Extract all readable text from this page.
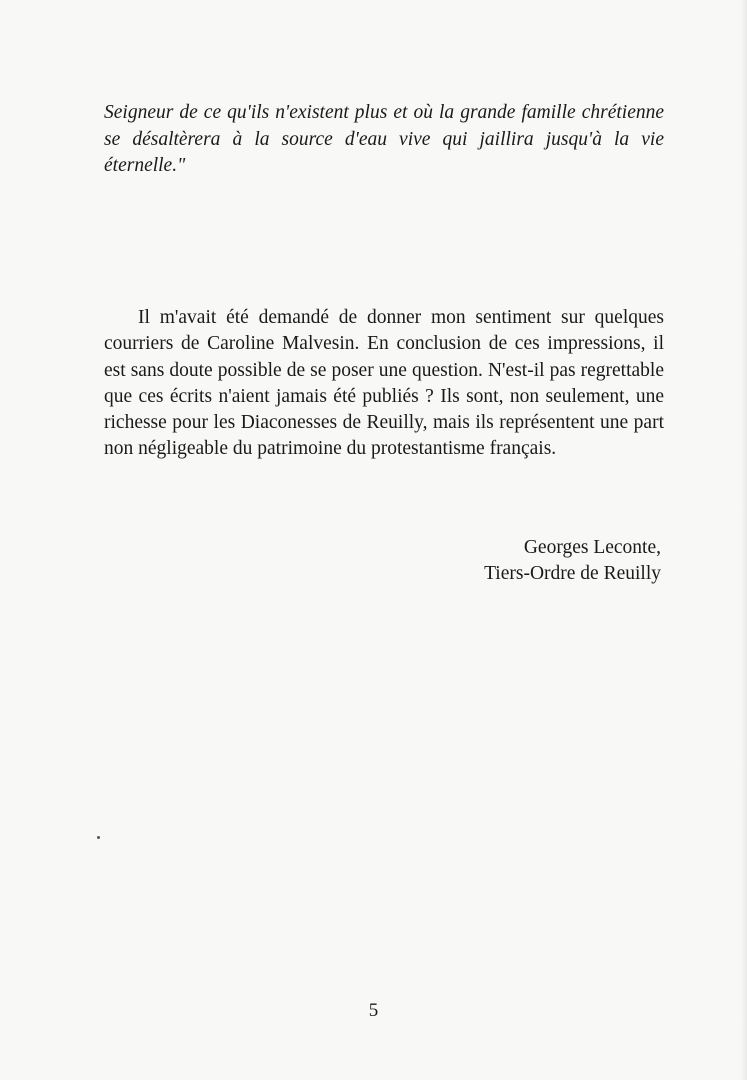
Seigneur de ce qu'ils n'existent plus et où la grande famille chrétienne se désaltèrera à la source d'eau vive qui jaillira jusqu'à la vie éternelle."

Il m'avait été demandé de donner mon sentiment sur quelques courriers de Caroline Malvesin. En conclusion de ces impressions, il est sans doute possible de se poser une question. N'est-il pas regrettable que ces écrits n'aient jamais été publiés ? Ils sont, non seulement, une richesse pour les Diaconesses de Reuilly, mais ils représentent une part non négligeable du patrimoine du protestantisme français.

Georges Leconte,
Tiers-Ordre de Reuilly
5
